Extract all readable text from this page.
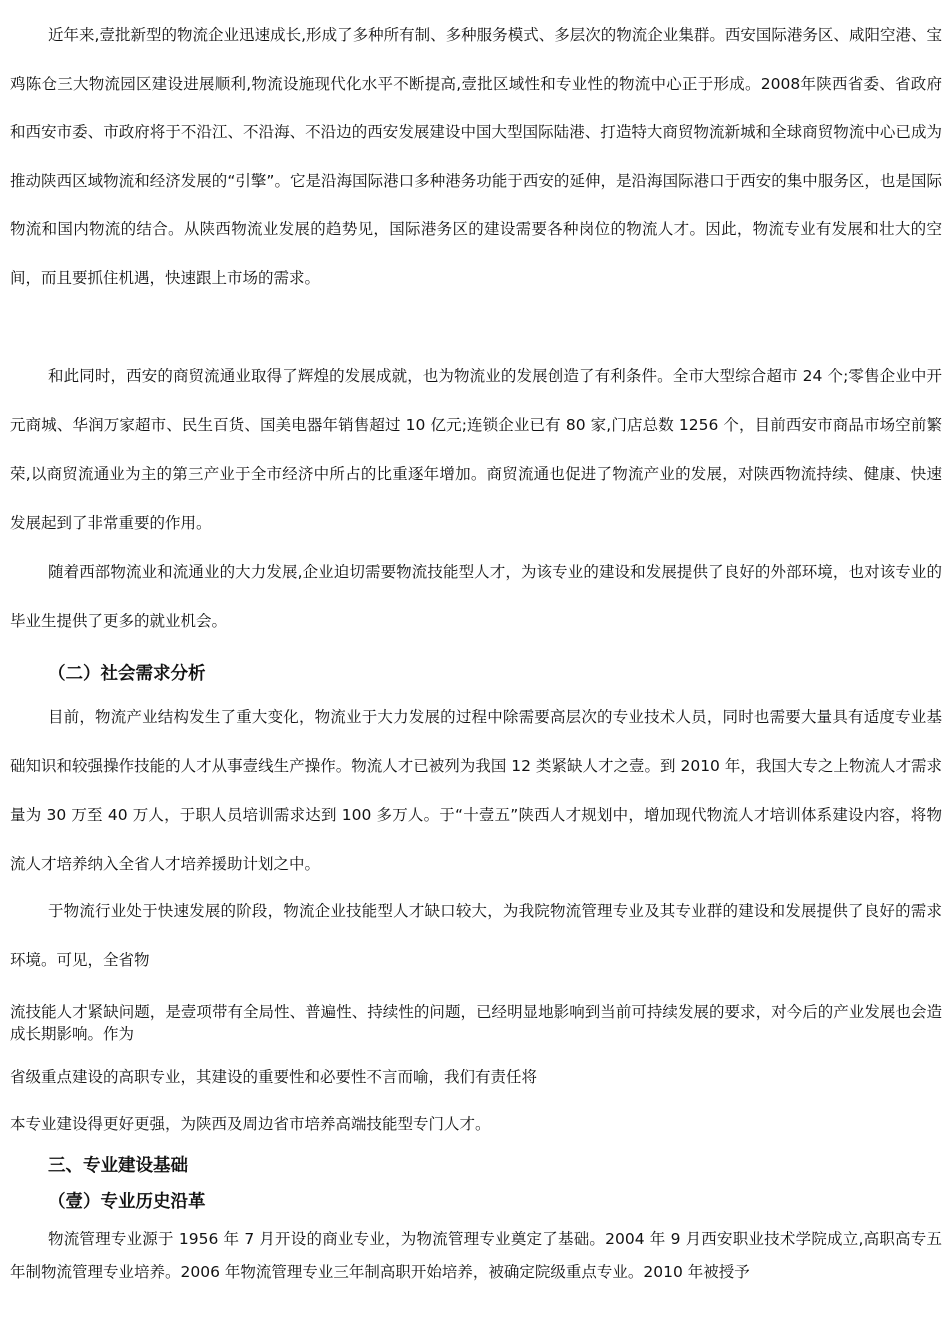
近年来,壹批新型的物流企业迅速成长,形成了多种所有制、多种服务模式、多层次的物流企业集群。西安国际港务区、咸阳空港、宝鸡陈仓三大物流园区建设进展顺利,物流设施现代化水平不断提高,壹批区域性和专业性的物流中心正于形成。2008年陕西省委、省政府和西安市委、市政府将于不沿江、不沿海、不沿边的西安发展建设中国大型国际陆港、打造特大商贸物流新城和全球商贸物流中心已成为推动陕西区域物流和经济发展的“引擎”。它是沿海国际港口多种港务功能于西安的延伸，是沿海国际港口于西安的集中服务区，也是国际物流和国内物流的结合。从陕西物流业发展的趋势见，国际港务区的建设需要各种岗位的物流人才。因此，物流专业有发展和壮大的空间，而且要抓住机遇，快速跟上市场的需求。

和此同时，西安的商贸流通业取得了辉煌的发展成就，也为物流业的发展创造了有利条件。全市大型综合超市 24 个;零售企业中开元商城、华润万家超市、民生百货、国美电器年销售超过 10 亿元;连锁企业已有 80 家,门店总数 1256 个，目前西安市商品市场空前繁荣,以商贸流通业为主的第三产业于全市经济中所占的比重逐年增加。商贸流通也促进了物流产业的发展，对陕西物流持续、健康、快速发展起到了非常重要的作用。

随着西部物流业和流通业的大力发展,企业迫切需要物流技能型人才，为该专业的建设和发展提供了良好的外部环境，也对该专业的毕业生提供了更多的就业机会。

（二）社会需求分析

目前，物流产业结构发生了重大变化，物流业于大力发展的过程中除需要高层次的专业技术人员，同时也需要大量具有适度专业基础知识和较强操作技能的人才从事壹线生产操作。物流人才已被列为我国 12 类紧缺人才之壹。到 2010 年，我国大专之上物流人才需求量为 30 万至 40 万人，于职人员培训需求达到 100 多万人。于“十壹五”陕西人才规划中，增加现代物流人才培训体系建设内容，将物流人才培养纳入全省人才培养援助计划之中。

于物流行业处于快速发展的阶段，物流企业技能型人才缺口较大，为我院物流管理专业及其专业群的建设和发展提供了良好的需求环境。可见，全省物

流技能人才紧缺问题，是壹项带有全局性、普遍性、持续性的问题，已经明显地影响到当前可持续发展的要求，对今后的产业发展也会造成长期影响。作为

省级重点建设的高职专业，其建设的重要性和必要性不言而喻，我们有责任将

本专业建设得更好更强，为陕西及周边省市培养高端技能型专门人才。

三、专业建设基础
（壹）专业历史沿革

物流管理专业源于 1956 年 7 月开设的商业专业，为物流管理专业奠定了基础。2004 年 9 月西安职业技术学院成立,高职高专五年制物流管理专业培养。2006 年物流管理专业三年制高职开始培养，被确定院级重点专业。2010 年被授予
